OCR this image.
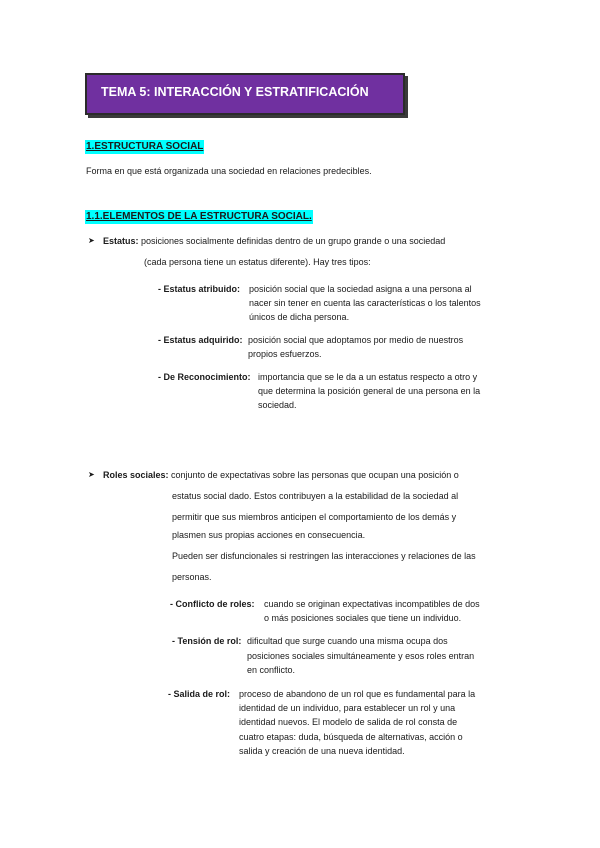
TEMA 5: INTERACCIÓN Y ESTRATIFICACIÓN
1.ESTRUCTURA SOCIAL
Forma en que está organizada una sociedad en relaciones predecibles.
1.1.ELEMENTOS DE LA ESTRUCTURA SOCIAL.
➤ Estatus: posiciones socialmente definidas dentro de un grupo grande o una sociedad
(cada persona tiene un estatus diferente). Hay tres tipos:
- Estatus atribuido: posición social que la sociedad asigna a una persona al
nacer sin tener en cuenta las características o los talentos
únicos de dicha persona.
- Estatus adquirido: posición social que adoptamos por medio de nuestros
propios esfuerzos.
- De Reconocimiento: importancia que se le da a un estatus respecto a otro y
que determina la posición general de una persona en la
sociedad.
➤ Roles sociales: conjunto de expectativas sobre las personas que ocupan una posición o
estatus social dado. Estos contribuyen a la estabilidad de la sociedad al
permitir que sus miembros anticipen el comportamiento de los demás y
plasmen sus propias acciones en consecuencia.
Pueden ser disfuncionales si restringen las interacciones y relaciones de las
personas.
- Conflicto de roles: cuando se originan expectativas incompatibles de dos
o más posiciones sociales que tiene un individuo.
- Tensión de rol: dificultad que surge cuando una misma ocupa dos
posiciones sociales simultáneamente y esos roles entran
en conflicto.
- Salida de rol: proceso de abandono de un rol que es fundamental para la
identidad de un individuo, para establecer un rol y una
identidad nuevos. El modelo de salida de rol consta de
cuatro etapas: duda, búsqueda de alternativas, acción o
salida y creación de una nueva identidad.
